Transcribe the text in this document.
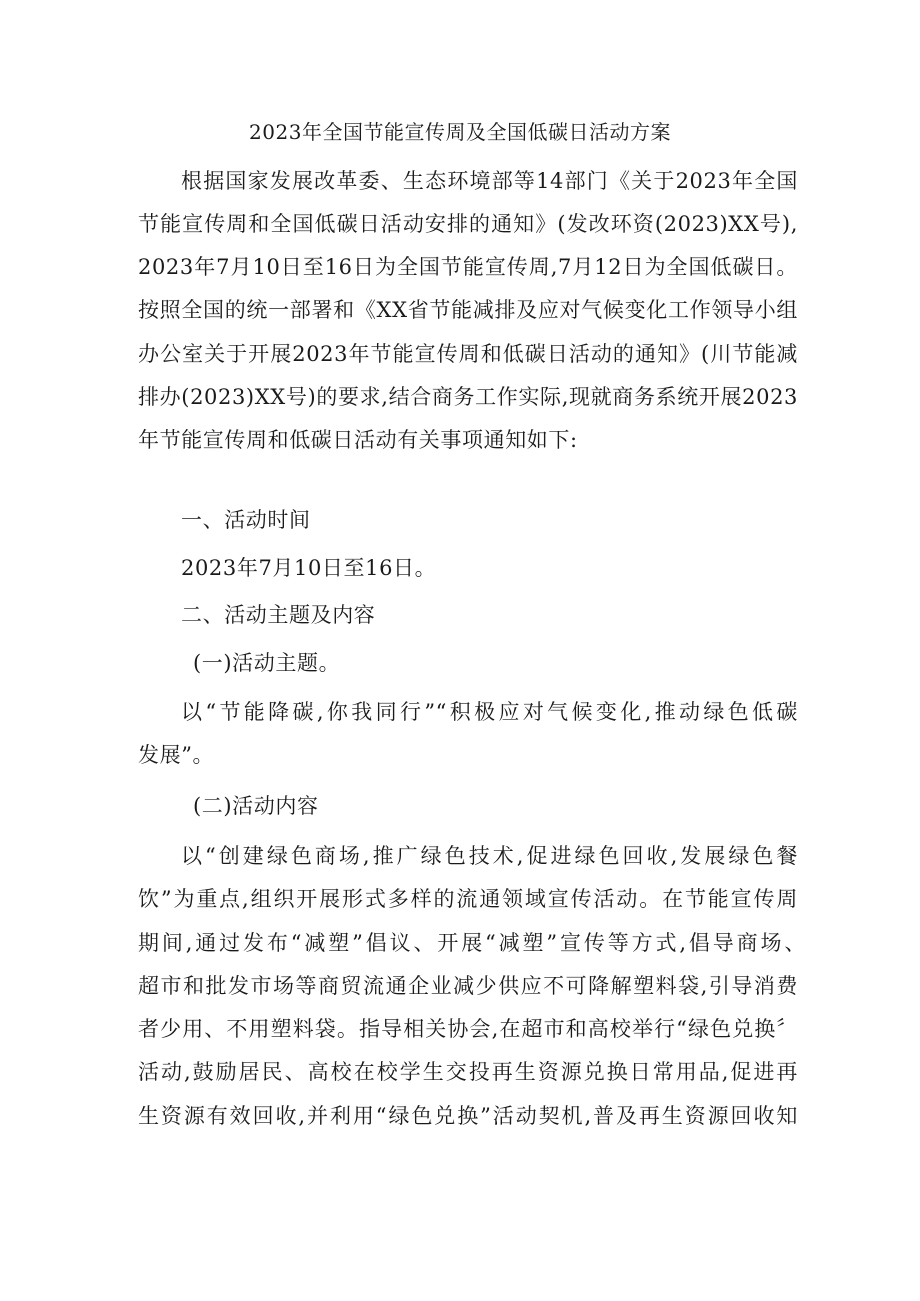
2023年全国节能宣传周及全国低碳日活动方案
根据国家发展改革委、生态环境部等14部门《关于2023年全国
节能宣传周和全国低碳日活动安排的通知》(发改环资(2023)XX号),
2023年7月10日至16日为全国节能宣传周,7月12日为全国低碳日。
按照全国的统一部署和《XX省节能减排及应对气候变化工作领导小组
办公室关于开展2023年节能宣传周和低碳日活动的通知》(川节能减
排办(2023)XX号)的要求,结合商务工作实际,现就商务系统开展2023
年节能宣传周和低碳日活动有关事项通知如下:
一、活动时间
2023年7月10日至16日。
二、活动主题及内容
(一)活动主题。
以“节能降碳,你我同行”“积极应对气候变化,推动绿色低碳
发展”。
(二)活动内容
以“创建绿色商场,推广绿色技术,促进绿色回收,发展绿色餐
饮”为重点,组织开展形式多样的流通领域宣传活动。在节能宣传周
期间,通过发布“减塑”倡议、开展“减塑”宣传等方式,倡导商场、
超市和批发市场等商贸流通企业减少供应不可降解塑料袋,引导消费
者少用、不用塑料袋。指导相关协会,在超市和高校举行“绿色兑换〞
活动,鼓励居民、高校在校学生交投再生资源兑换日常用品,促进再
生资源有效回收,并利用“绿色兑换”活动契机,普及再生资源回收知
